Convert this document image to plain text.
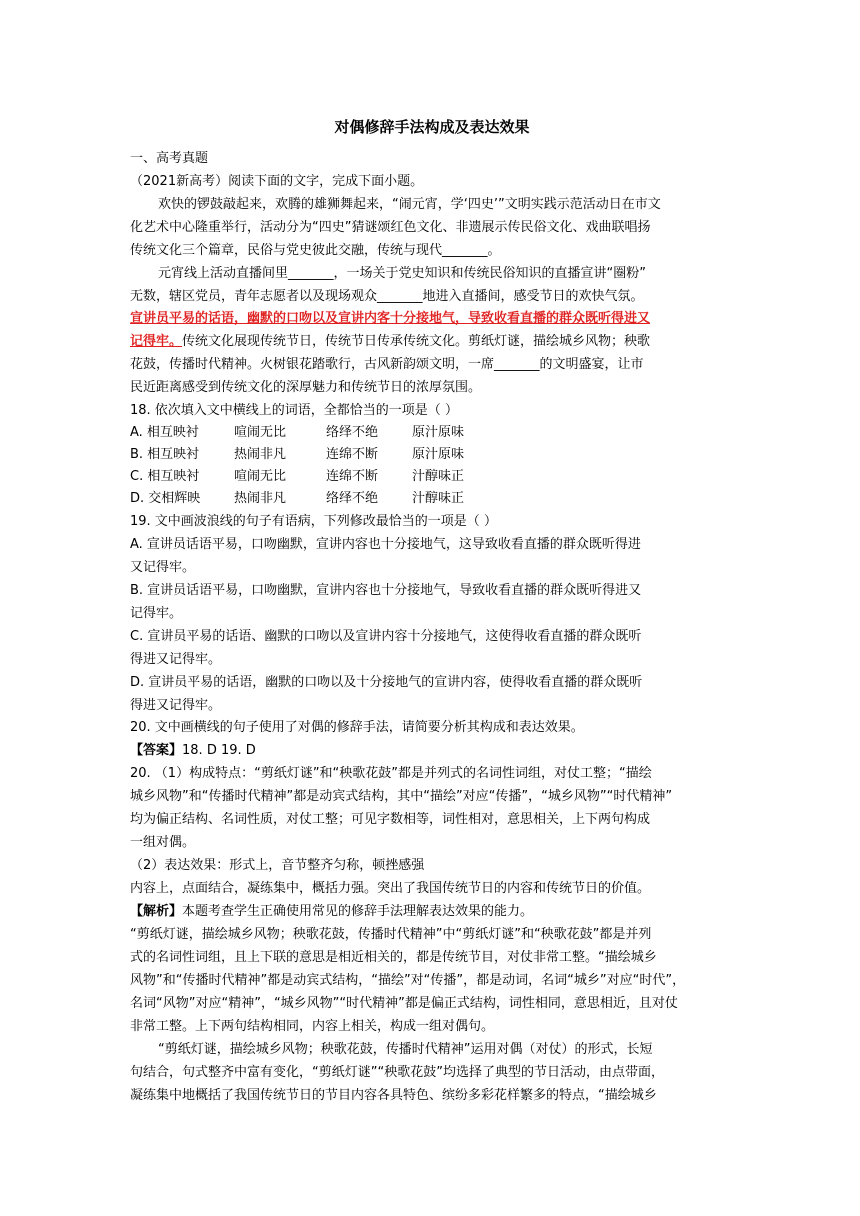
对偶修辞手法构成及表达效果
一、高考真题
（2021新高考）阅读下面的文字，完成下面小题。
欢快的锣鼓敲起来，欢腾的雄狮舞起来，“闹元宵，学‘四史’”文明实践示范活动日在市文
化艺术中心隆重举行，活动分为“四史”猜谜颂红色文化、非遗展示传民俗文化、戏曲联唱扬
传统文化三个篇章，民俗与党史彼此交融，传统与现代_______。
元宵线上活动直播间里_______，一场关于党史知识和传统民俗知识的直播宣讲“圈粉”
无数，辖区党员，青年志愿者以及现场观众_______地进入直播间，感受节日的欢快气氛。
宣讲员平易的话语，幽默的口吻以及宣讲内客十分接地气，导致收看直播的群众既听得进又
记得牢。传统文化展现传统节日，传统节日传承传统文化。剪纸灯谜，描绘城乡风物；秧歌
花鼓，传播时代精神。火树银花踏歌行，古风新韵颂文明，一席_______的文明盛宴，让市
民近距离感受到传统文化的深厚魅力和传统节日的浓厚氛围。
18. 依次填入文中横线上的词语，全都恰当的一项是（ ）
A. 相互映衬	喧闹无比	络绎不绝	原汁原味
B. 相互映衬	热闹非凡	连绵不断	原汁原味
C. 相互映衬	喧闹无比	连绵不断	汁醇味正
D. 交相辉映	热闹非凡	络绎不绝	汁醇味正
19. 文中画波浪线的句子有语病，下列修改最恰当的一项是（ ）
A. 宣讲员话语平易，口吻幽默，宣讲内容也十分接地气，这导致收看直播的群众既听得进
又记得牢。
B. 宣讲员话语平易，口吻幽默，宣讲内容也十分接地气，导致收看直播的群众既听得进又
记得牢。
C. 宣讲员平易的话语、幽默的口吻以及宣讲内容十分接地气，这使得收看直播的群众既听
得进又记得牢。
D. 宣讲员平易的话语，幽默的口吻以及十分接地气的宣讲内容，使得收看直播的群众既听
得进又记得牢。
20. 文中画横线的句子使用了对偶的修辞手法，请简要分析其构成和表达效果。
【答案】18. D 19. D
20. （1）构成特点：“剪纸灯谜”和“秧歌花鼓”都是并列式的名词性词组，对仗工整；“描绘
城乡风物”和“传播时代精神”都是动宾式结构，其中“描绘”对应“传播”，“城乡风物”“时代精神”
均为偏正结构、名词性质，对仗工整；可见字数相等，词性相对，意思相关，上下两句构成
一组对偶。
（2）表达效果：形式上，音节整齐匀称，顿挫感强
内容上，点面结合，凝练集中，概括力强。突出了我国传统节日的内容和传统节日的价值。
【解析】本题考查学生正确使用常见的修辞手法理解表达效果的能力。
“剪纸灯谜，描绘城乡风物；秧歌花鼓，传播时代精神”中“剪纸灯谜”和“秧歌花鼓”都是并列
式的名词性词组，且上下联的意思是相近相关的，都是传统节目，对仗非常工整。“描绘城乡
风物”和“传播时代精神”都是动宾式结构，“描绘”对“传播”，都是动词，名词“城乡”对应“时代”，
名词“风物”对应“精神”，“城乡风物”“时代精神”都是偏正式结构，词性相同，意思相近，且对仗
非常工整。上下两句结构相同，内容上相关，构成一组对偶句。
“剪纸灯谜，描绘城乡风物；秧歌花鼓，传播时代精神”运用对偶（对仗）的形式，长短
句结合，句式整齐中富有变化，“剪纸灯谜”“秧歌花鼓”均选择了典型的节日活动，由点带面，
凝练集中地概括了我国传统节日的节目内容各具特色、缤纷多彩花样繁多的特点，“描绘城乡
